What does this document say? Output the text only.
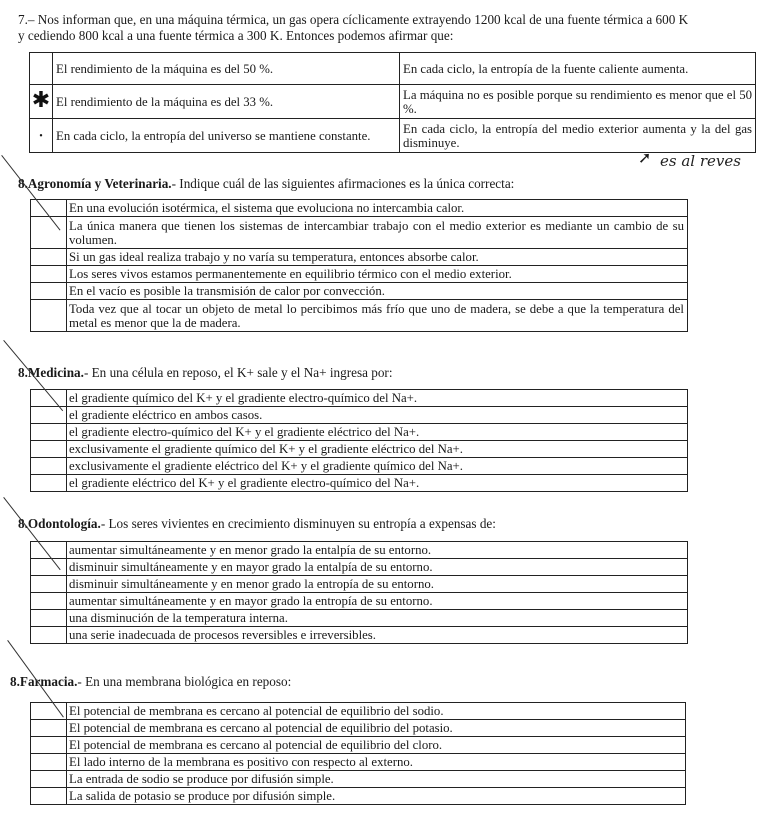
7.– Nos informan que, en una máquina térmica, un gas opera cíclicamente extrayendo 1200 kcal de una fuente térmica a 600 K
y cediendo 800 kcal a una fuente térmica a 300 K. Entonces podemos afirmar que:
	El rendimiento de la máquina es del 50 %.	En cada ciclo, la entropía de la fuente caliente aumenta.
✱	El rendimiento de la máquina es del 33 %.	La máquina no es posible porque su rendimiento es menor que el 50 %.
•	En cada ciclo, la entropía del universo se mantiene constante.	En cada ciclo, la entropía del medio exterior aumenta y la del gas disminuye.
➚ es al reves
8.Agronomía y Veterinaria.- Indique cuál de las siguientes afirmaciones es la única correcta:
	En una evolución isotérmica, el sistema que evoluciona no intercambia calor.
	La única manera que tienen los sistemas de intercambiar trabajo con el medio exterior es mediante un cambio de su volumen.
	Si un gas ideal realiza trabajo y no varía su temperatura, entonces absorbe calor.
	Los seres vivos estamos permanentemente en equilibrio térmico con el medio exterior.
	En el vacío es posible la transmisión de calor por convección.
	Toda vez que al tocar un objeto de metal lo percibimos más frío que uno de madera, se debe a que la temperatura del metal es menor que la de madera.
8.Medicina.- En una célula en reposo, el K+ sale y el Na+ ingresa por:
	el gradiente químico del K+ y el gradiente electro-químico del Na+.
	el gradiente eléctrico en ambos casos.
	el gradiente electro-químico del K+ y el gradiente eléctrico del Na+.
	exclusivamente el gradiente químico del K+ y el gradiente eléctrico del Na+.
	exclusivamente el gradiente eléctrico del K+ y el gradiente químico del Na+.
	el gradiente eléctrico del K+ y el gradiente electro-químico del Na+.
8.Odontología.- Los seres vivientes en crecimiento disminuyen su entropía a expensas de:
	aumentar simultáneamente y en menor grado la entalpía de su entorno.
	disminuir simultáneamente y en mayor grado la entalpía de su entorno.
	disminuir simultáneamente y en menor grado la entropía de su entorno.
	aumentar simultáneamente y en mayor grado la entropía de su entorno.
	una disminución de la temperatura interna.
	una serie inadecuada de procesos reversibles e irreversibles.
8.Farmacia.- En una membrana biológica en reposo:
	El potencial de membrana es cercano al potencial de equilibrio del sodio.
	El potencial de membrana es cercano al potencial de equilibrio del potasio.
	El potencial de membrana es cercano al potencial de equilibrio del cloro.
	El lado interno de la membrana es positivo con respecto al externo.
	La entrada de sodio se produce por difusión simple.
	La salida de potasio se produce por difusión simple.
